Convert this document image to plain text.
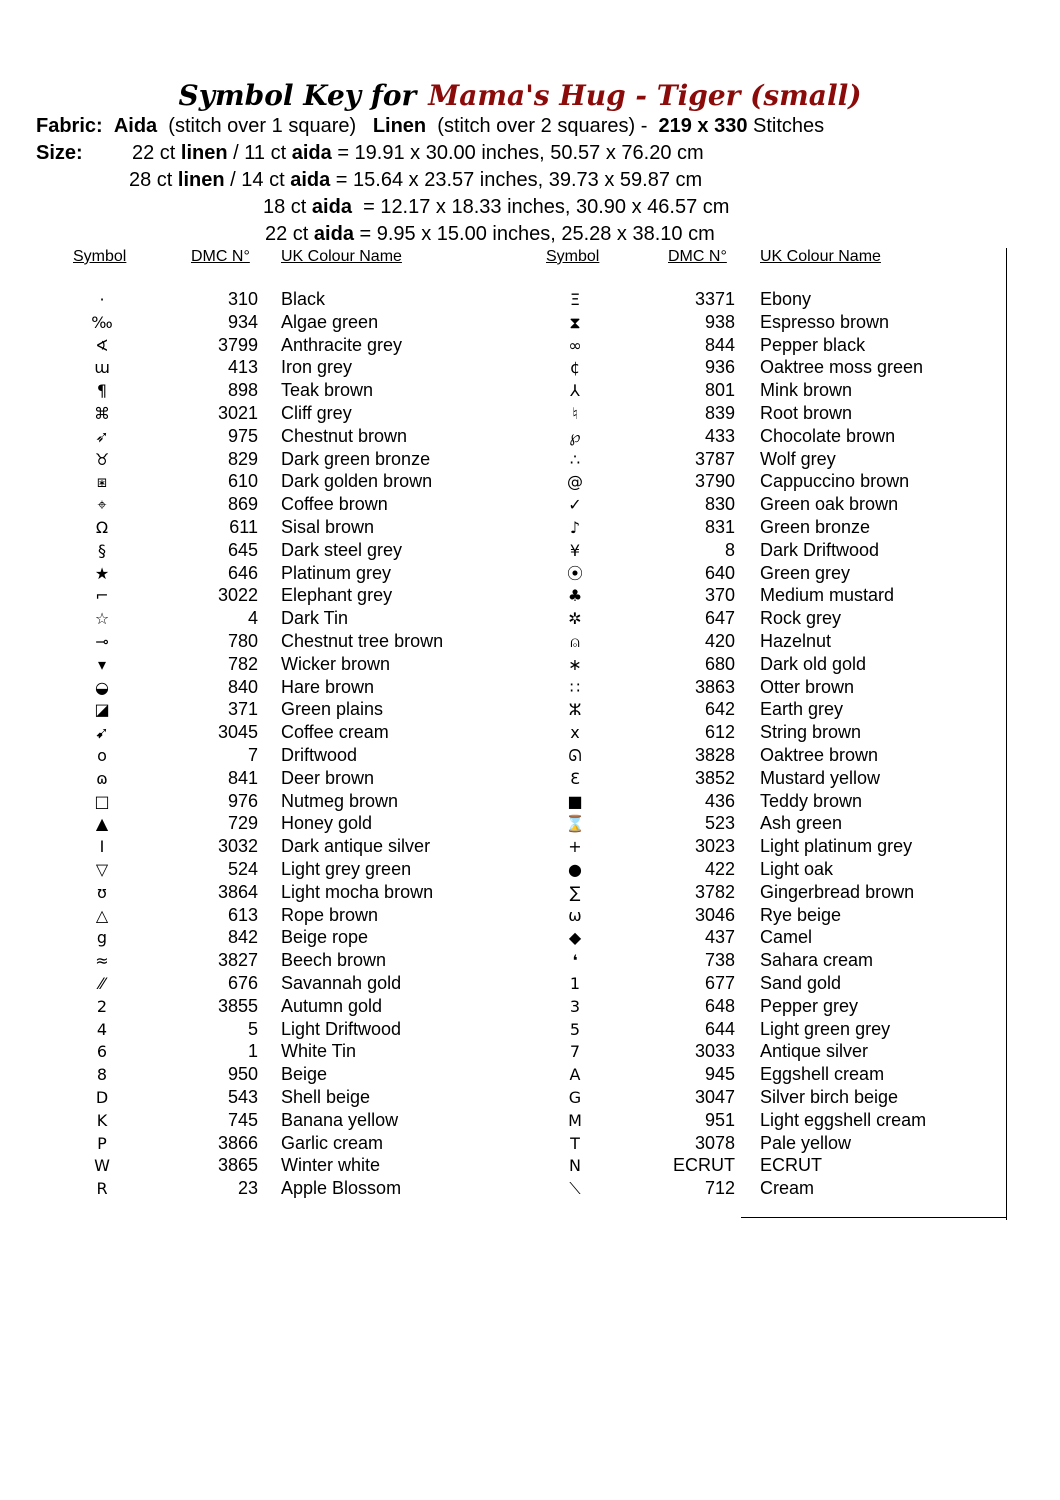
Symbol Key for Mama's Hug - Tiger (small)
Fabric: Aida (stitch over 1 square) Linen (stitch over 2 squares) - 219 x 330 Stitches
Size: 22 ct linen / 11 ct aida = 19.91 x 30.00 inches, 50.57 x 76.20 cm
28 ct linen / 14 ct aida = 15.64 x 23.57 inches, 39.73 x 59.87 cm
18 ct aida = 12.17 x 18.33 inches, 30.90 x 46.57 cm
22 ct aida = 9.95 x 15.00 inches, 25.28 x 38.10 cm
Symbol	DMC N° UK Colour Name	Symbol	DMC N° UK Colour Name
·	310 Black
‰	934 Algae green
∢	3799 Anthracite grey
ɯ	413 Iron grey
¶	898 Teak brown
⌘	3021 Cliff grey
➶	975 Chestnut brown
♉	829 Dark green bronze
⧆	610 Dark golden brown
⌖	869 Coffee brown
Ω	611 Sisal brown
§	645 Dark steel grey
★	646 Platinum grey
⌐	3022 Elephant grey
☆	4 Dark Tin
⊸	780 Chestnut tree brown
▾	782 Wicker brown
◒	840 Hare brown
◪	371 Green plains
➹	3045 Coffee cream
o	7 Driftwood
ɷ	841 Deer brown
□	976 Nutmeg brown
▲	729 Honey gold
Ⅰ	3032 Dark antique silver
▽	524 Light grey green
ʊ	3864 Light mocha brown
△	613 Rope brown
g	842 Beige rope
≈	3827 Beech brown
⁄⁄	676 Savannah gold
2	3855 Autumn gold
4	5 Light Driftwood
6	1 White Tin
8	950 Beige
D	543 Shell beige
K	745 Banana yellow
P	3866 Garlic cream
W	3865 Winter white
R	23 Apple Blossom
Ξ	3371 Ebony
⧗	938 Espresso brown
∞	844 Pepper black
¢	936 Oaktree moss green
⅄	801 Mink brown
♮	839 Root brown
℘	433 Chocolate brown
∴	3787 Wolf grey
@	3790 Cappuccino brown
✓	830 Green oak brown
♪	831 Green bronze
¥	8 Dark Driftwood
⦿	640 Green grey
♣	370 Medium mustard
✲	647 Rock grey
⍝	420 Hazelnut
∗	680 Dark old gold
∷	3863 Otter brown
ⵣ	642 Earth grey
x	612 String brown
ᘏ	3828 Oaktree brown
Ɛ	3852 Mustard yellow
■	436 Teddy brown
⌛	523 Ash green
+	3023 Light platinum grey
●	422 Light oak
∑	3782 Gingerbread brown
ω	3046 Rye beige
◆	437 Camel
❛	738 Sahara cream
1	677 Sand gold
3	648 Pepper grey
5	644 Light green grey
7	3033 Antique silver
A	945 Eggshell cream
G	3047 Silver birch beige
M	951 Light eggshell cream
T	3078 Pale yellow
N	ECRUT ECRUT
⟍	712 Cream
